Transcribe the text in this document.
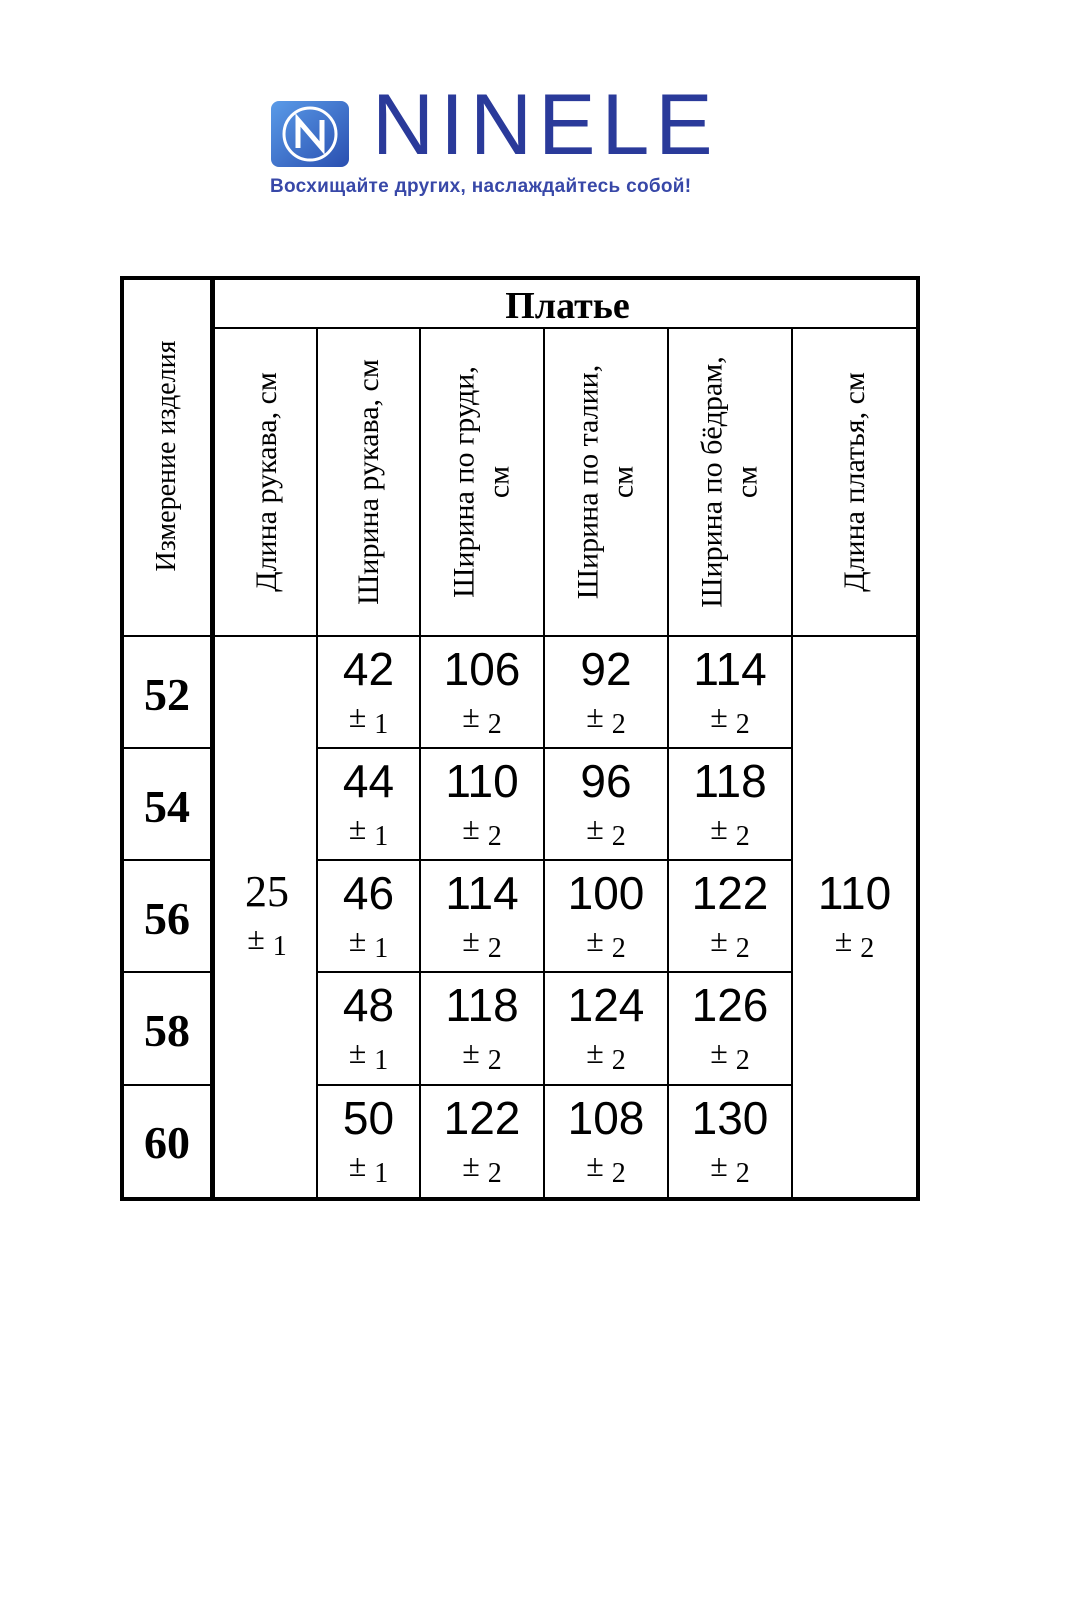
NINELE
Восхищайте других, наслаждайтесь собой!
Измерение изделия
Платье
Длина рукава, см Ширина рукава, см Ширина по груди, см Ширина по талии, см Ширина по бёдрам, см Длина платья, см
52
54
56
58
60
25
± 1
110
± 2
42
± 1
106
± 2
92
± 2
114
± 2
44
± 1
110
± 2
96
± 2
118
± 2
46
± 1
114
± 2
100
± 2
122
± 2
48
± 1
118
± 2
124
± 2
126
± 2
50
± 1
122
± 2
108
± 2
130
± 2
